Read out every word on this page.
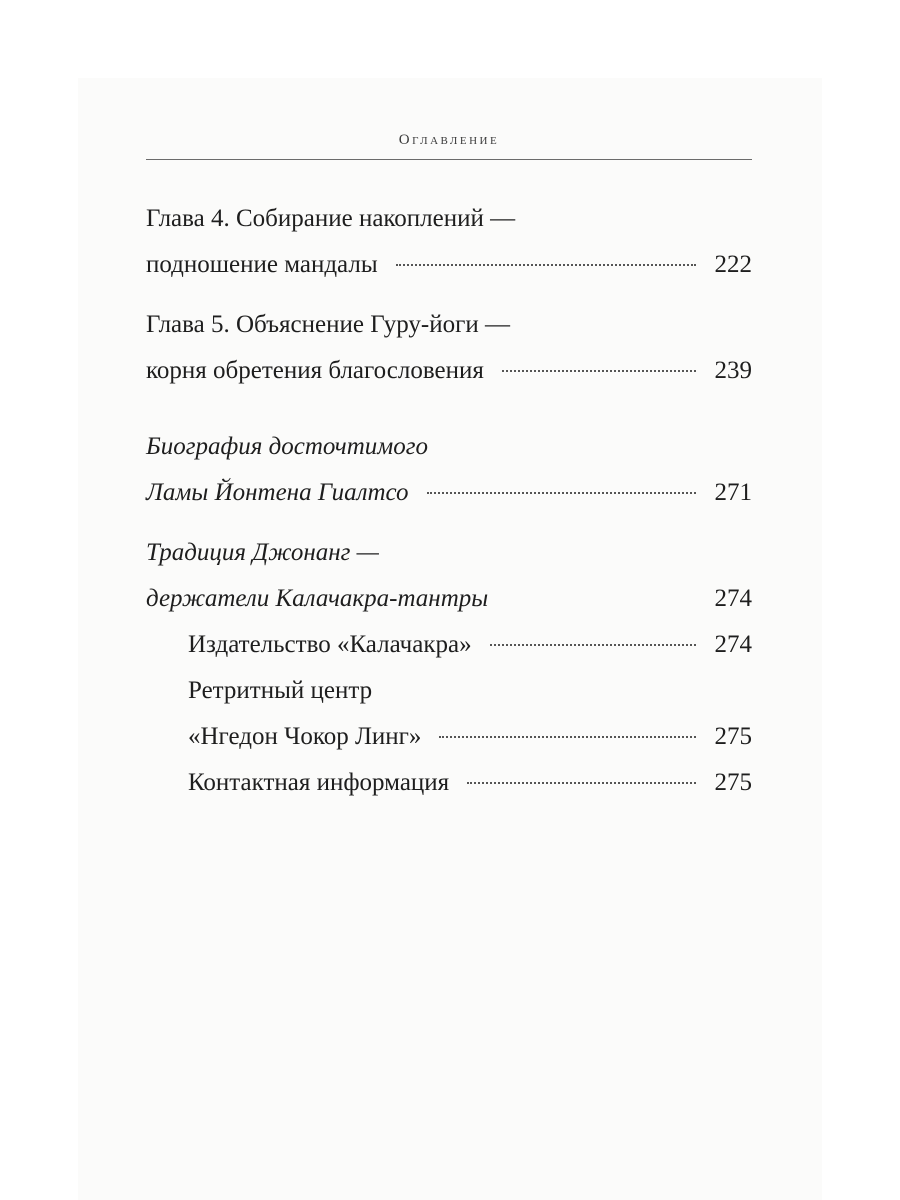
Оглавление
Глава 4. Собирание накоплений —
подношение мандалы	222
Глава 5. Объяснение Гуру-йоги —
корня обретения благословения	239
Биография досточтимого
Ламы Йонтена Гиалтсо	271
Традиция Джонанг —
держатели Калачакра-тантры	274
Издательство «Калачакра»	274
Ретритный центр
«Нгедон Чокор Линг»	275
Контактная информация	275
